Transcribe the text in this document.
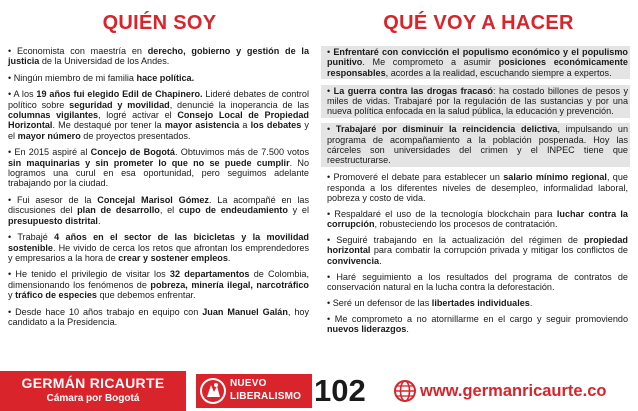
QUIÉN SOY
• Economista con maestría en derecho, gobierno y gestión de la justicia de la Universidad de los Andes.
• Ningún miembro de mi familia hace política.
• A los 19 años fui elegido Edil de Chapinero. Lideré debates de control político sobre seguridad y movilidad, denuncié la inoperancia de las columnas vigilantes, logré activar el Consejo Local de Propiedad Horizontal. Me destaqué por tener la mayor asistencia a los debates y el mayor número de proyectos presentados.
• En 2015 aspiré al Concejo de Bogotá. Obtuvimos más de 7.500 votos sin maquinarias y sin prometer lo que no se puede cumplir. No logramos una curul en esa oportunidad, pero seguimos adelante trabajando por la ciudad.
• Fui asesor de la Concejal Marisol Gómez. La acompañé en las discusiones del plan de desarrollo, el cupo de endeudamiento y el presupuesto distrital.
• Trabajé 4 años en el sector de las bicicletas y la movilidad sostenible. He vivido de cerca los retos que afrontan los emprendedores y empresarios a la hora de crear y sostener empleos.
• He tenido el privilegio de visitar los 32 departamentos de Colombia, dimensionando los fenómenos de pobreza, minería ilegal, narcotráfico y tráfico de especies que debemos enfrentar.
• Desde hace 10 años trabajo en equipo con Juan Manuel Galán, hoy candidato a la Presidencia.
QUÉ VOY A HACER
• Enfrentaré con convicción el populismo económico y el populismo punitivo. Me comprometo a asumir posiciones económicamente responsables, acordes a la realidad, escuchando siempre a expertos.
• La guerra contra las drogas fracasó: ha costado billones de pesos y miles de vidas. Trabajaré por la regulación de las sustancias y por una nueva política enfocada en la salud pública, la educación y prevención.
• Trabajaré por disminuir la reincidencia delictiva, impulsando un programa de acompañamiento a la población pospenada. Hoy las cárceles son universidades del crimen y el INPEC tiene que reestructurarse.
• Promoveré el debate para establecer un salario mínimo regional, que responda a los diferentes niveles de desempleo, informalidad laboral, pobreza y costo de vida.
• Respaldaré el uso de la tecnología blockchain para luchar contra la corrupción, robusteciendo los procesos de contratación.
• Seguiré trabajando en la actualización del régimen de propiedad horizontal para combatir la corrupción privada y mitigar los conflictos de convivencia.
• Haré seguimiento a los resultados del programa de contratos de conservación natural en la lucha contra la deforestación.
• Seré un defensor de las libertades individuales.
• Me comprometo a no atornillarme en el cargo y seguir promoviendo nuevos liderazgos.
GERMÁN RICAURTE
Cámara por Bogotá
NUEVO
LIBERALISMO 102	www.germanricaurte.co
